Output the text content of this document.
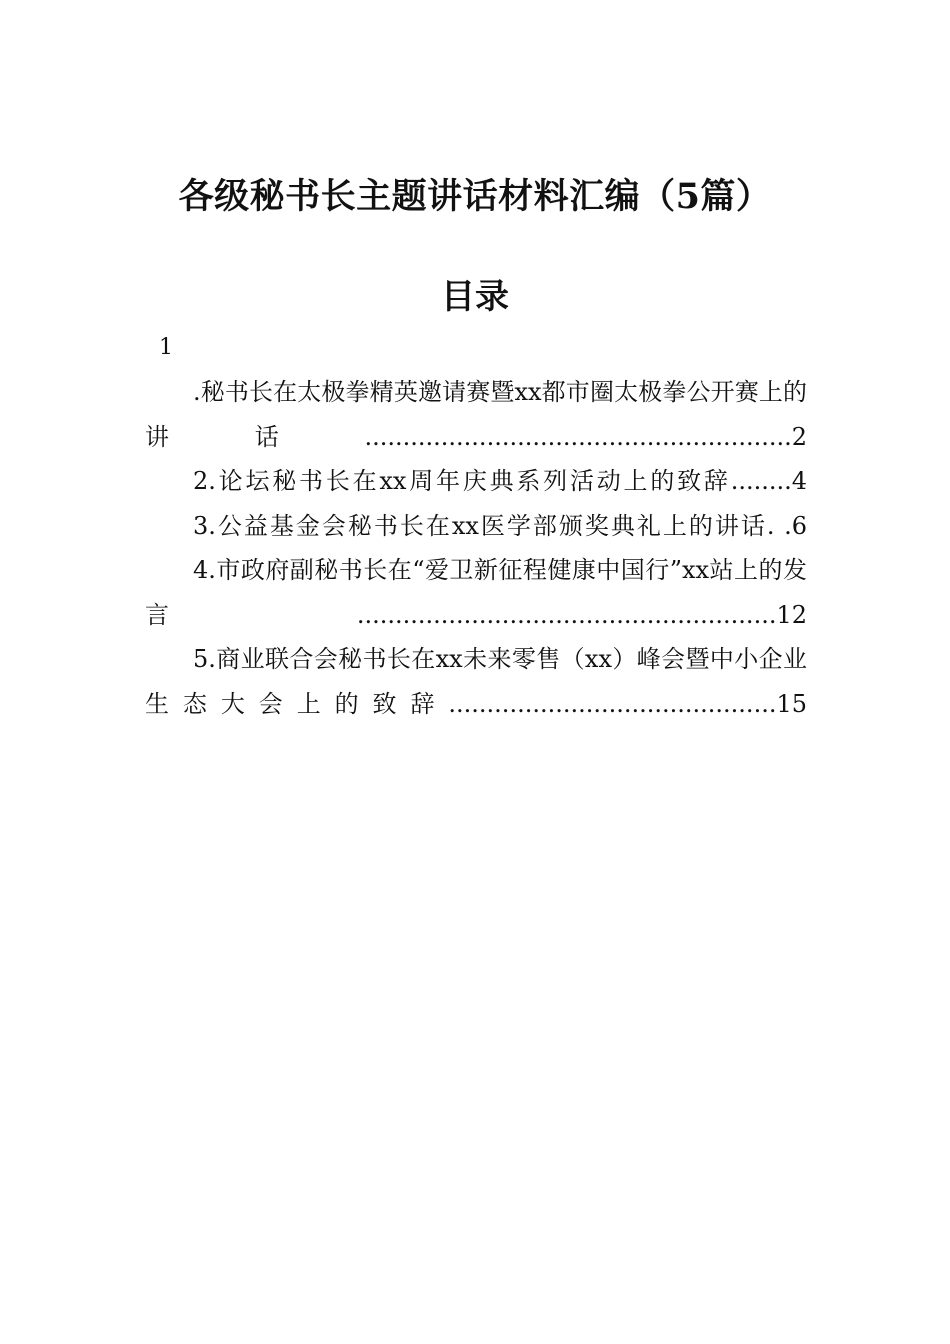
各级秘书长主题讲话材料汇编（5篇）
目录
1
.秘书长在太极拳精英邀请赛暨xx都市圈太极拳公开赛上的讲话........................................................2
2.论坛秘书长在xx周年庆典系列活动上的致辞........4
3.公益基金会秘书长在xx医学部颁奖典礼上的讲话. .6
4.市政府副秘书长在“爱卫新征程健康中国行”xx站上的发言.......................................................12
5.商业联合会秘书长在xx未来零售（xx）峰会暨中小企业生态大会上的致辞...........................................15
